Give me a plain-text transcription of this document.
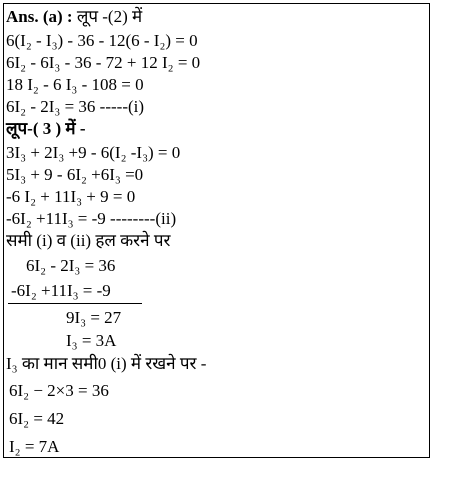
Ans. (a) : लूप -(2) में
6(I₂ - I₃) - 36 - 12(6 - I₂) = 0
6I₂ - 6I₃ - 36 - 72 + 12 I₂ = 0
18 I₂ - 6 I₃ - 108 = 0
6I₂ - 2I₃ = 36 -----(i)
लूप-( 3 ) में -
3I₃ + 2I₃ +9 - 6(I₂ -I₃) = 0
5I₃ + 9 - 6I₂ +6I₃ =0
-6 I₂ + 11I₃ + 9 = 0
-6I₂ +11I₃ = -9 --------(ii)
समी (i) व (ii) हल करने पर
6I₂ - 2I₃ = 36
-6I₂ +11I₃ = -9
9I₃ = 27
I₃ = 3A
I₃ का मान समी0 (i) में रखने पर -
6I₂ − 2×3 = 36
6I₂ = 42
I₂ = 7A
